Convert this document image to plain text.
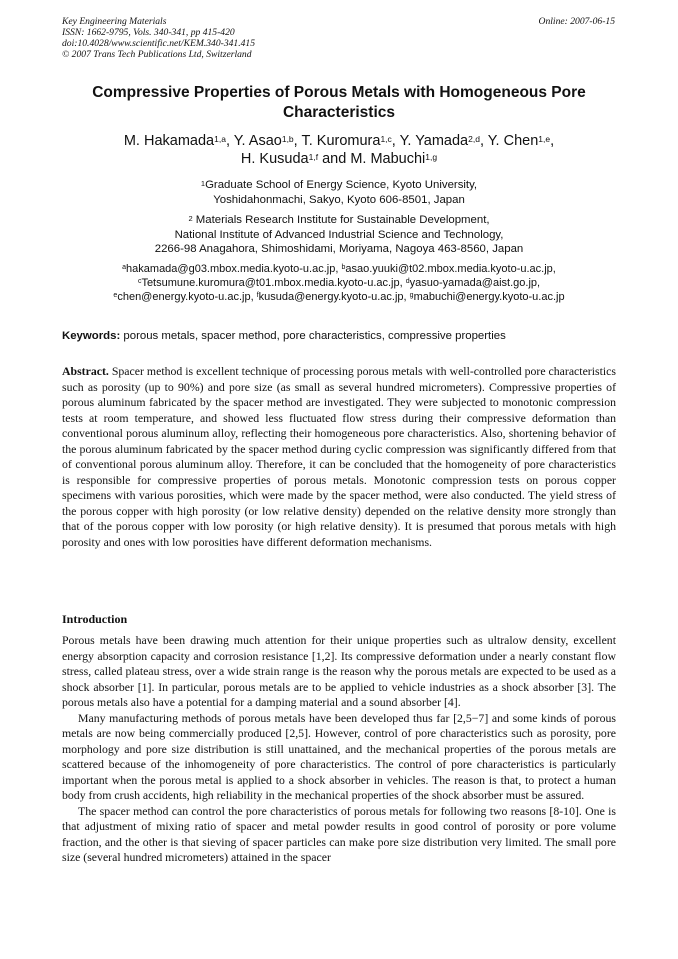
Key Engineering Materials
ISSN: 1662-9795, Vols. 340-341, pp 415-420
doi:10.4028/www.scientific.net/KEM.340-341.415
© 2007 Trans Tech Publications Ltd, Switzerland
Online: 2007-06-15
Compressive Properties of Porous Metals with Homogeneous Pore Characteristics
M. Hakamada$^{1,a}$, Y. Asao$^{1,b}$, T. Kuromura$^{1,c}$, Y. Yamada$^{2,d}$, Y. Chen$^{1,e}$,
H. Kusuda$^{1,f}$ and M. Mabuchi$^{1,g}$
$^1$Graduate School of Energy Science, Kyoto University,
Yoshidahonmachi, Sakyo, Kyoto 606-8501, Japan
$^2$ Materials Research Institute for Sustainable Development,
National Institute of Advanced Industrial Science and Technology,
2266-98 Anagahora, Shimoshidami, Moriyama, Nagoya 463-8560, Japan
$^a$hakamada@g03.mbox.media.kyoto-u.ac.jp, $^b$asao.yuuki@t02.mbox.media.kyoto-u.ac.jp,
$^c$Tetsumune.kuromura@t01.mbox.media.kyoto-u.ac.jp, $^d$yasuo-yamada@aist.go.jp,
$^e$chen@energy.kyoto-u.ac.jp, $^f$kusuda@energy.kyoto-u.ac.jp, $^g$mabuchi@energy.kyoto-u.ac.jp
Keywords: porous metals, spacer method, pore characteristics, compressive properties
Abstract. Spacer method is excellent technique of processing porous metals with well-controlled pore characteristics such as porosity (up to 90%) and pore size (as small as several hundred micrometers). Compressive properties of porous aluminum fabricated by the spacer method are investigated. They were subjected to monotonic compression tests at room temperature, and showed less fluctuated flow stress during their compressive deformation than conventional porous aluminum alloy, reflecting their homogeneous pore characteristics. Also, shortening behavior of the porous aluminum fabricated by the spacer method during cyclic compression was significantly differed from that of conventional porous aluminum alloy. Therefore, it can be concluded that the homogeneity of pore characteristics is responsible for compressive properties of porous metals. Monotonic compression tests on porous copper specimens with various porosities, which were made by the spacer method, were also conducted. The yield stress of the porous copper with high porosity (or low relative density) depended on the relative density more strongly than that of the porous copper with low porosity (or high relative density). It is presumed that porous metals with high porosity and ones with low porosities have different deformation mechanisms.
Introduction

Porous metals have been drawing much attention for their unique properties such as ultralow density, excellent energy absorption capacity and corrosion resistance [1,2]. Its compressive deformation under a nearly constant flow stress, called plateau stress, over a wide strain range is the reason why the porous metals are expected to be used as a shock absorber [1]. In particular, porous metals are to be applied to vehicle industries as a shock absorber [3]. The porous metals also have a potential for a damping material and a sound absorber [4].

Many manufacturing methods of porous metals have been developed thus far [2,5−7] and some kinds of porous metals are now being commercially produced [2,5]. However, control of pore characteristics such as porosity, pore morphology and pore size distribution is still unattained, and the mechanical properties of the porous metals are scattered because of the inhomogeneity of pore characteristics. The control of pore characteristics is particularly important when the porous metal is applied to a shock absorber in vehicles. The reason is that, to protect a human body from crush accidents, high reliability in the mechanical properties of the shock absorber must be assured.

The spacer method can control the pore characteristics of porous metals for following two reasons [8-10]. One is that adjustment of mixing ratio of spacer and metal powder results in good control of porosity or pore volume fraction, and the other is that sieving of spacer particles can make pore size distribution very limited. The small pore size (several hundred micrometers) attained in the spacer
